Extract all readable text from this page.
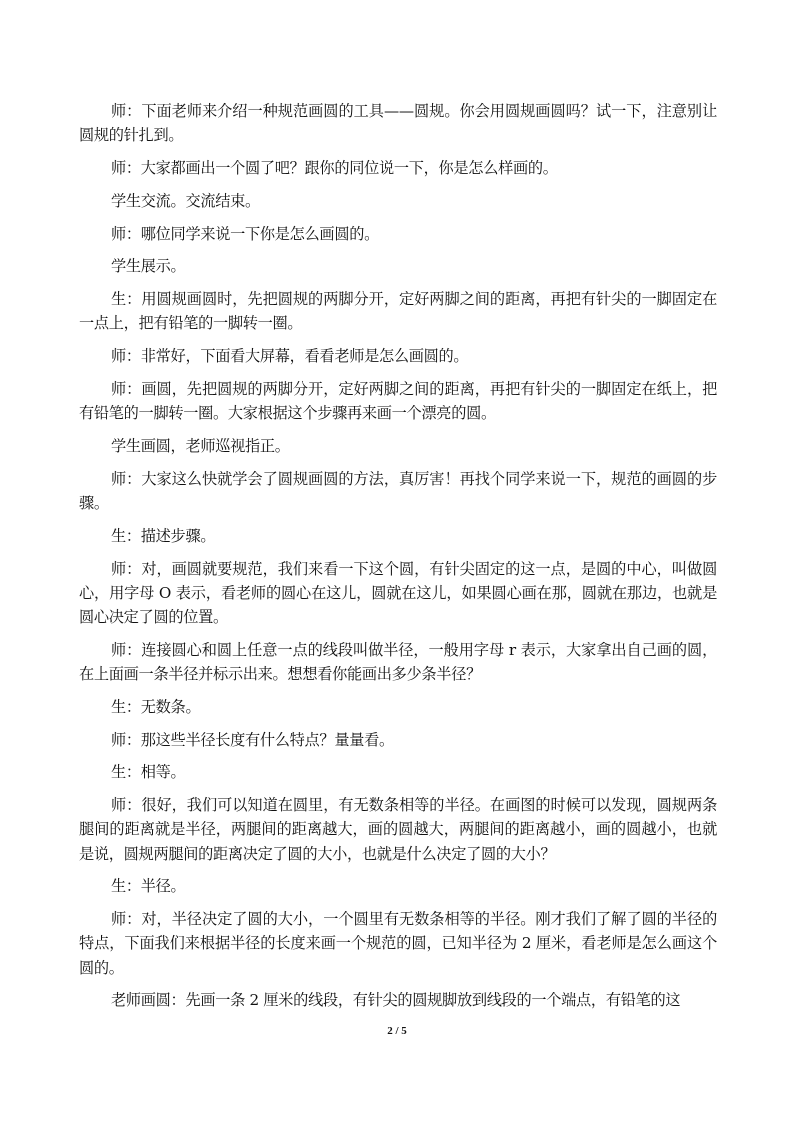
师：下面老师来介绍一种规范画圆的工具——圆规。你会用圆规画圆吗？试一下，注意别让圆规的针扎到。

师：大家都画出一个圆了吧？跟你的同位说一下，你是怎么样画的。

学生交流。交流结束。

师：哪位同学来说一下你是怎么画圆的。

学生展示。

生：用圆规画圆时，先把圆规的两脚分开，定好两脚之间的距离，再把有针尖的一脚固定在一点上，把有铅笔的一脚转一圈。

师：非常好，下面看大屏幕，看看老师是怎么画圆的。

师：画圆，先把圆规的两脚分开，定好两脚之间的距离，再把有针尖的一脚固定在纸上，把有铅笔的一脚转一圈。大家根据这个步骤再来画一个漂亮的圆。

学生画圆，老师巡视指正。

师：大家这么快就学会了圆规画圆的方法，真厉害！再找个同学来说一下，规范的画圆的步骤。

生：描述步骤。

师：对，画圆就要规范，我们来看一下这个圆，有针尖固定的这一点，是圆的中心，叫做圆心，用字母 O 表示，看老师的圆心在这儿，圆就在这儿，如果圆心画在那，圆就在那边，也就是圆心决定了圆的位置。

师：连接圆心和圆上任意一点的线段叫做半径，一般用字母 r 表示，大家拿出自己画的圆，在上面画一条半径并标示出来。想想看你能画出多少条半径？

生：无数条。

师：那这些半径长度有什么特点？量量看。

生：相等。

师：很好，我们可以知道在圆里，有无数条相等的半径。在画图的时候可以发现，圆规两条腿间的距离就是半径，两腿间的距离越大，画的圆越大，两腿间的距离越小，画的圆越小，也就是说，圆规两腿间的距离决定了圆的大小，也就是什么决定了圆的大小？

生：半径。

师：对，半径决定了圆的大小，一个圆里有无数条相等的半径。刚才我们了解了圆的半径的特点，下面我们来根据半径的长度来画一个规范的圆，已知半径为 2 厘米，看老师是怎么画这个圆的。

老师画圆：先画一条 2 厘米的线段，有针尖的圆规脚放到线段的一个端点，有铅笔的这

2 / 5
